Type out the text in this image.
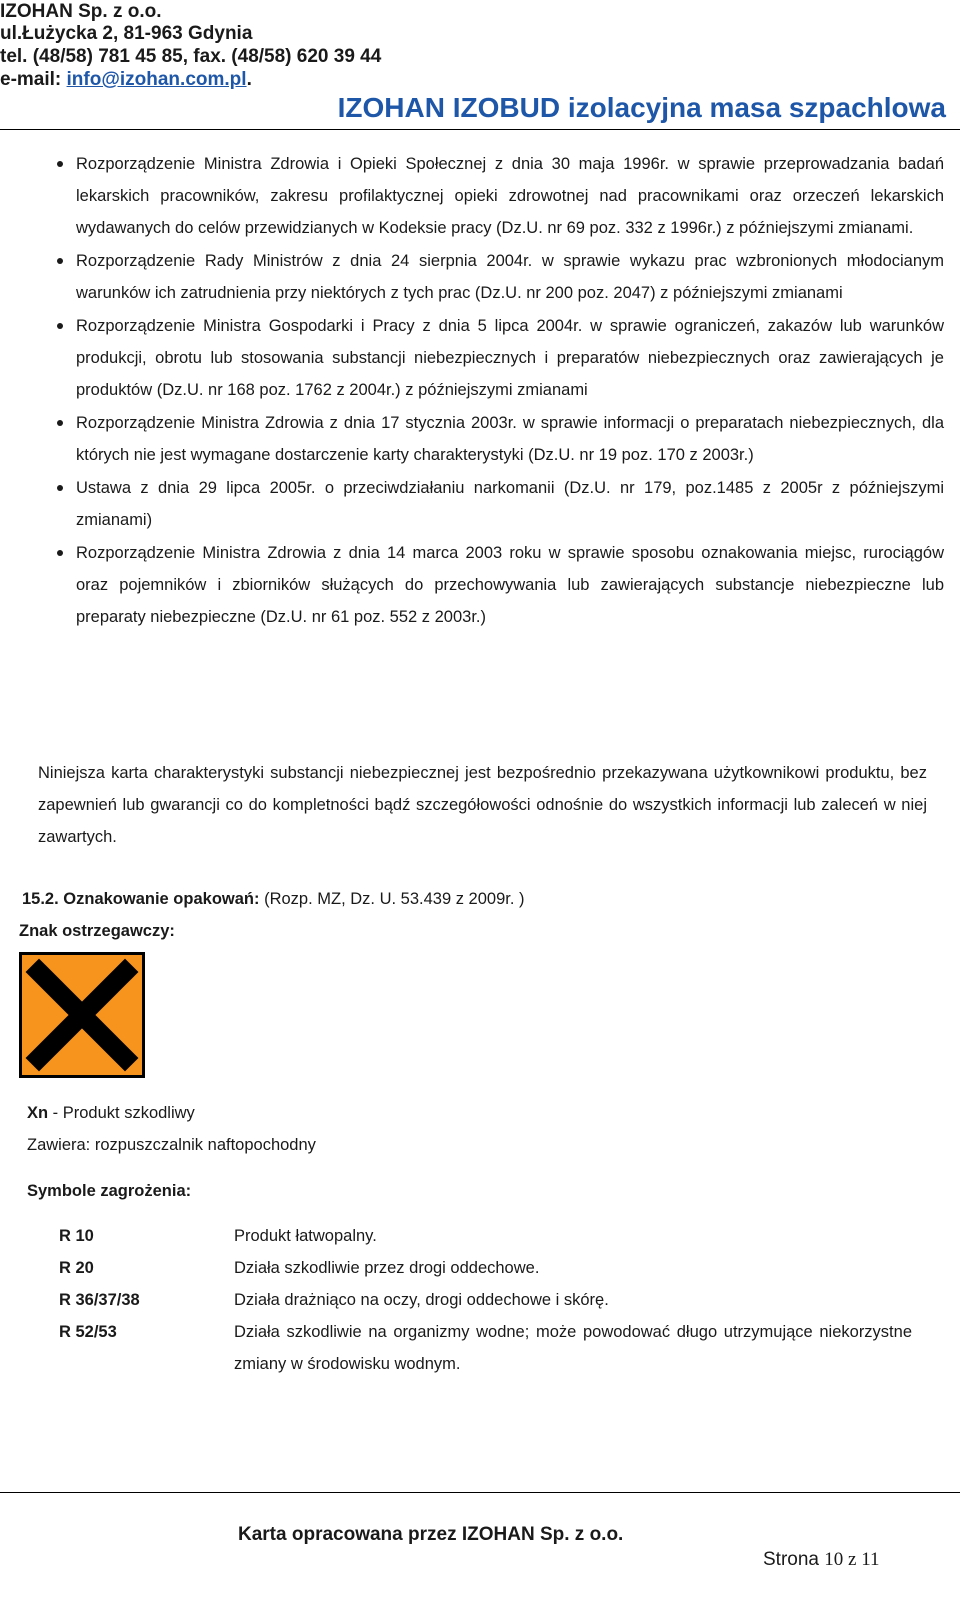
IZOHAN Sp. z o.o.
ul.Łużycka 2, 81-963 Gdynia
tel. (48/58) 781 45 85, fax. (48/58) 620 39 44
e-mail: info@izohan.com.pl.
IZOHAN IZOBUD izolacyjna masa szpachlowa
Rozporządzenie Ministra Zdrowia i Opieki Społecznej z dnia 30 maja 1996r. w sprawie przeprowadzania badań lekarskich pracowników, zakresu profilaktycznej opieki zdrowotnej nad pracownikami oraz orzeczeń lekarskich wydawanych do celów przewidzianych w Kodeksie pracy (Dz.U. nr 69 poz. 332 z 1996r.) z późniejszymi zmianami.
Rozporządzenie Rady Ministrów z dnia 24 sierpnia 2004r. w sprawie wykazu prac wzbronionych młodocianym warunków ich zatrudnienia przy niektórych z tych prac (Dz.U. nr 200 poz. 2047) z późniejszymi zmianami
Rozporządzenie Ministra Gospodarki i Pracy z dnia 5 lipca 2004r. w sprawie ograniczeń, zakazów lub warunków produkcji, obrotu lub stosowania substancji niebezpiecznych i preparatów niebezpiecznych oraz zawierających je produktów (Dz.U. nr 168 poz. 1762 z 2004r.) z późniejszymi zmianami
Rozporządzenie Ministra Zdrowia z dnia 17 stycznia 2003r. w sprawie informacji o preparatach niebezpiecznych, dla których nie jest wymagane dostarczenie karty charakterystyki (Dz.U. nr 19 poz. 170 z 2003r.)
Ustawa z dnia 29 lipca 2005r. o przeciwdziałaniu narkomanii (Dz.U. nr 179, poz.1485 z 2005r z późniejszymi zmianami)
Rozporządzenie Ministra Zdrowia z dnia 14 marca 2003 roku w sprawie sposobu oznakowania miejsc, rurociągów oraz pojemników i zbiorników służących do przechowywania lub zawierających substancje niebezpieczne lub preparaty niebezpieczne (Dz.U. nr 61 poz. 552 z 2003r.)

Niniejsza karta charakterystyki substancji niebezpiecznej jest bezpośrednio przekazywana użytkownikowi produktu, bez zapewnień lub gwarancji co do kompletności bądź szczegółowości odnośnie do wszystkich informacji lub zaleceń w niej zawartych.

15.2. Oznakowanie opakowań: (Rozp. MZ, Dz. U. 53.439 z 2009r. )
Znak ostrzegawczy:
Xn - Produkt szkodliwy
Zawiera: rozpuszczalnik naftopochodny
Symbole zagrożenia:
R 10	Produkt łatwopalny.
R 20	Działa szkodliwie przez drogi oddechowe.
R 36/37/38	Działa drażniąco na oczy, drogi oddechowe i skórę.
R 52/53	Działa szkodliwie na organizmy wodne; może powodować długo utrzymujące niekorzystne zmiany w środowisku wodnym.
Karta opracowana przez IZOHAN Sp. z o.o.
Strona 10 z 11
